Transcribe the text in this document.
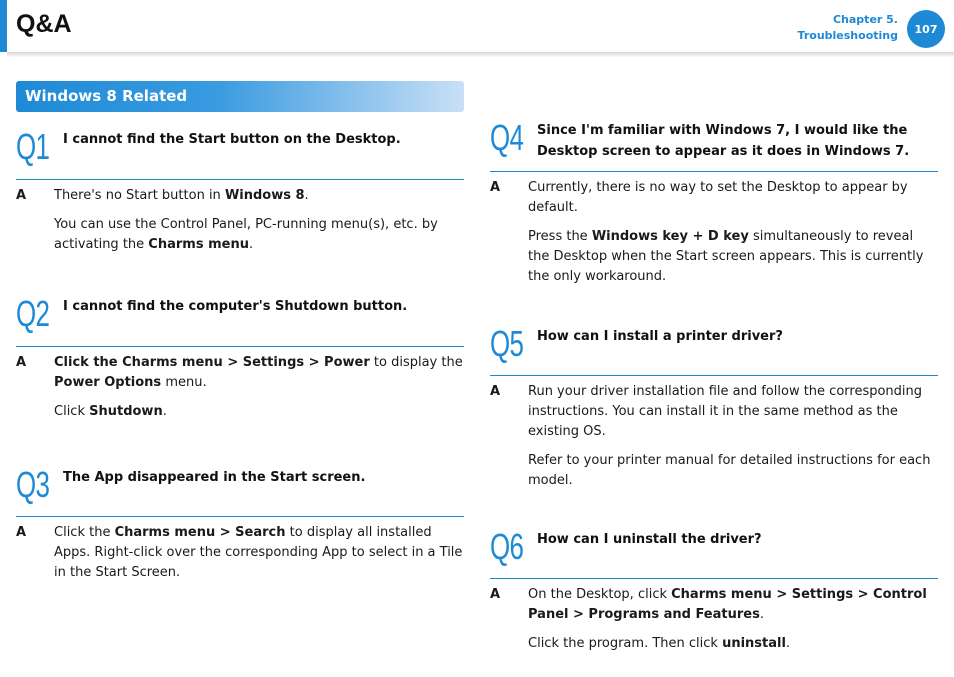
Q&A	Chapter 5.
Troubleshooting	107
Windows 8 Related
Q1	I cannot find the Start button on the Desktop.
A	There's no Start button in Windows 8.

You can use the Control Panel, PC-running menu(s), etc. by activating the Charms menu.

Q2	I cannot find the computer's Shutdown button.
A	Click the Charms menu > Settings > Power to display the Power Options menu.

Click Shutdown.

Q3	The App disappeared in the Start screen.
A	Click the Charms menu > Search to display all installed Apps. Right-click over the corresponding App to select in a Tile in the Start Screen.

Q4	Since I'm familiar with Windows 7, I would like the Desktop screen to appear as it does in Windows 7.
A	Currently, there is no way to set the Desktop to appear by default.

Press the Windows key + D key simultaneously to reveal the Desktop when the Start screen appears. This is currently the only workaround.

Q5	How can I install a printer driver?
A	Run your driver installation file and follow the corresponding instructions. You can install it in the same method as the existing OS.

Refer to your printer manual for detailed instructions for each model.

Q6	How can I uninstall the driver?
A	On the Desktop, click Charms menu > Settings > Control Panel > Programs and Features.

Click the program. Then click uninstall.
